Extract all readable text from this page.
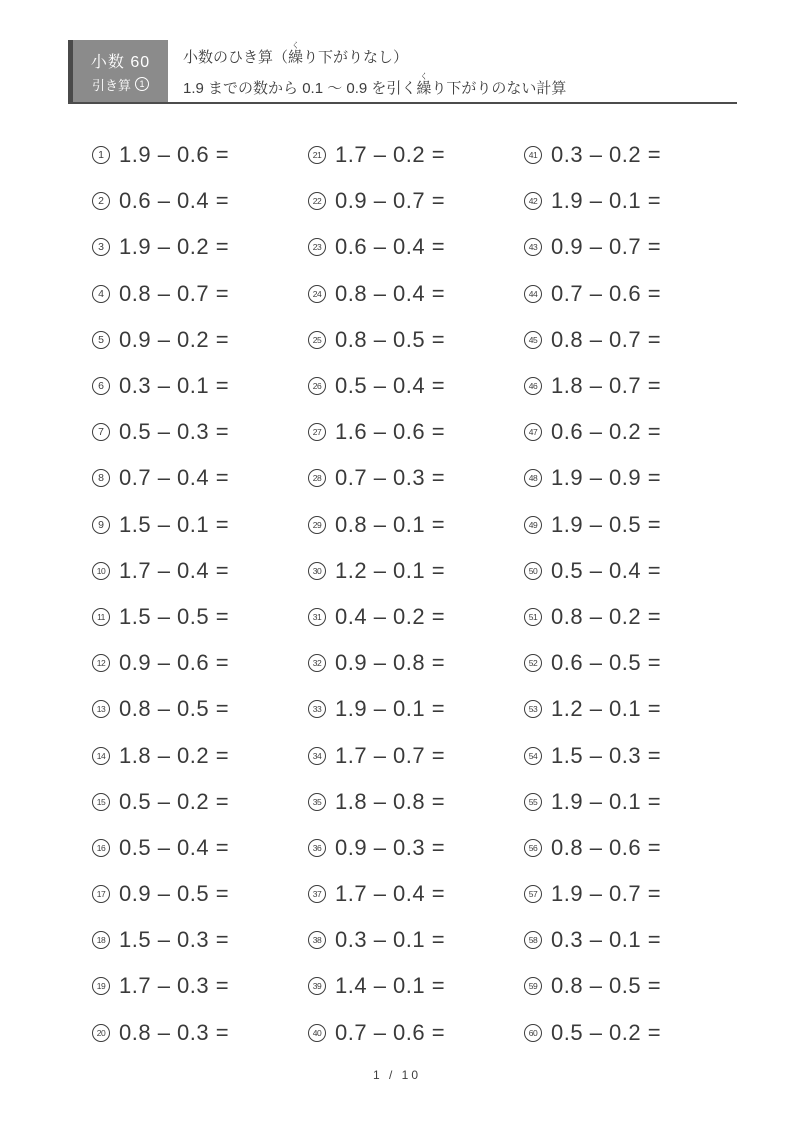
小数 60
引き算 1
小数のひき算（繰くり下がりなし）
1.9 までの数から 0.1 〜 0.9 を引く繰くり下がりのない計算
1 1.9 – 0.6 =
2 0.6 – 0.4 =
3 1.9 – 0.2 =
4 0.8 – 0.7 =
5 0.9 – 0.2 =
6 0.3 – 0.1 =
7 0.5 – 0.3 =
8 0.7 – 0.4 =
9 1.5 – 0.1 =
10 1.7 – 0.4 =
11 1.5 – 0.5 =
12 0.9 – 0.6 =
13 0.8 – 0.5 =
14 1.8 – 0.2 =
15 0.5 – 0.2 =
16 0.5 – 0.4 =
17 0.9 – 0.5 =
18 1.5 – 0.3 =
19 1.7 – 0.3 =
20 0.8 – 0.3 =
21 1.7 – 0.2 =
22 0.9 – 0.7 =
23 0.6 – 0.4 =
24 0.8 – 0.4 =
25 0.8 – 0.5 =
26 0.5 – 0.4 =
27 1.6 – 0.6 =
28 0.7 – 0.3 =
29 0.8 – 0.1 =
30 1.2 – 0.1 =
31 0.4 – 0.2 =
32 0.9 – 0.8 =
33 1.9 – 0.1 =
34 1.7 – 0.7 =
35 1.8 – 0.8 =
36 0.9 – 0.3 =
37 1.7 – 0.4 =
38 0.3 – 0.1 =
39 1.4 – 0.1 =
40 0.7 – 0.6 =
41 0.3 – 0.2 =
42 1.9 – 0.1 =
43 0.9 – 0.7 =
44 0.7 – 0.6 =
45 0.8 – 0.7 =
46 1.8 – 0.7 =
47 0.6 – 0.2 =
48 1.9 – 0.9 =
49 1.9 – 0.5 =
50 0.5 – 0.4 =
51 0.8 – 0.2 =
52 0.6 – 0.5 =
53 1.2 – 0.1 =
54 1.5 – 0.3 =
55 1.9 – 0.1 =
56 0.8 – 0.6 =
57 1.9 – 0.7 =
58 0.3 – 0.1 =
59 0.8 – 0.5 =
60 0.5 – 0.2 =
1 / 10
